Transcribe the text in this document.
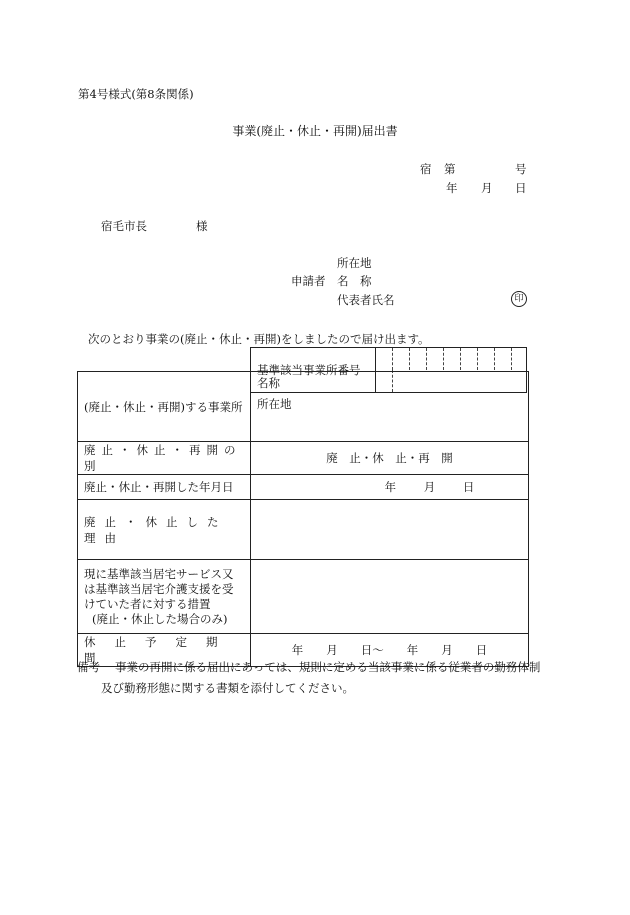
第4号様式(第8条関係)
事業(廃止・休止・再開)届出書
宿 第	号
年 月 日
宿毛市長	様
所在地
申請者 名　称
代表者氏名	印
次のとおり事業の(廃止・休止・再開)をしましたので届け出ます。
基準該当事業所番号	
(廃止・休止・再開)する事業所	名称
	所在地
廃止・休止・再開の別	廃　止・休　止・再　開
廃止・休止・再開した年月日	年 月 日
廃止・休止した理由	

現に基準該当居宅サービス又
は基準該当居宅介護支援を受
けていた者に対する措置
(廃止・休止した場合のみ)	

休止予定期間	年　　月　　日～　　年　　月　　日
備考 事業の再開に係る届出にあっては、規則に定める当該事業に係る従業者の勤務体制
及び勤務形態に関する書類を添付してください。
